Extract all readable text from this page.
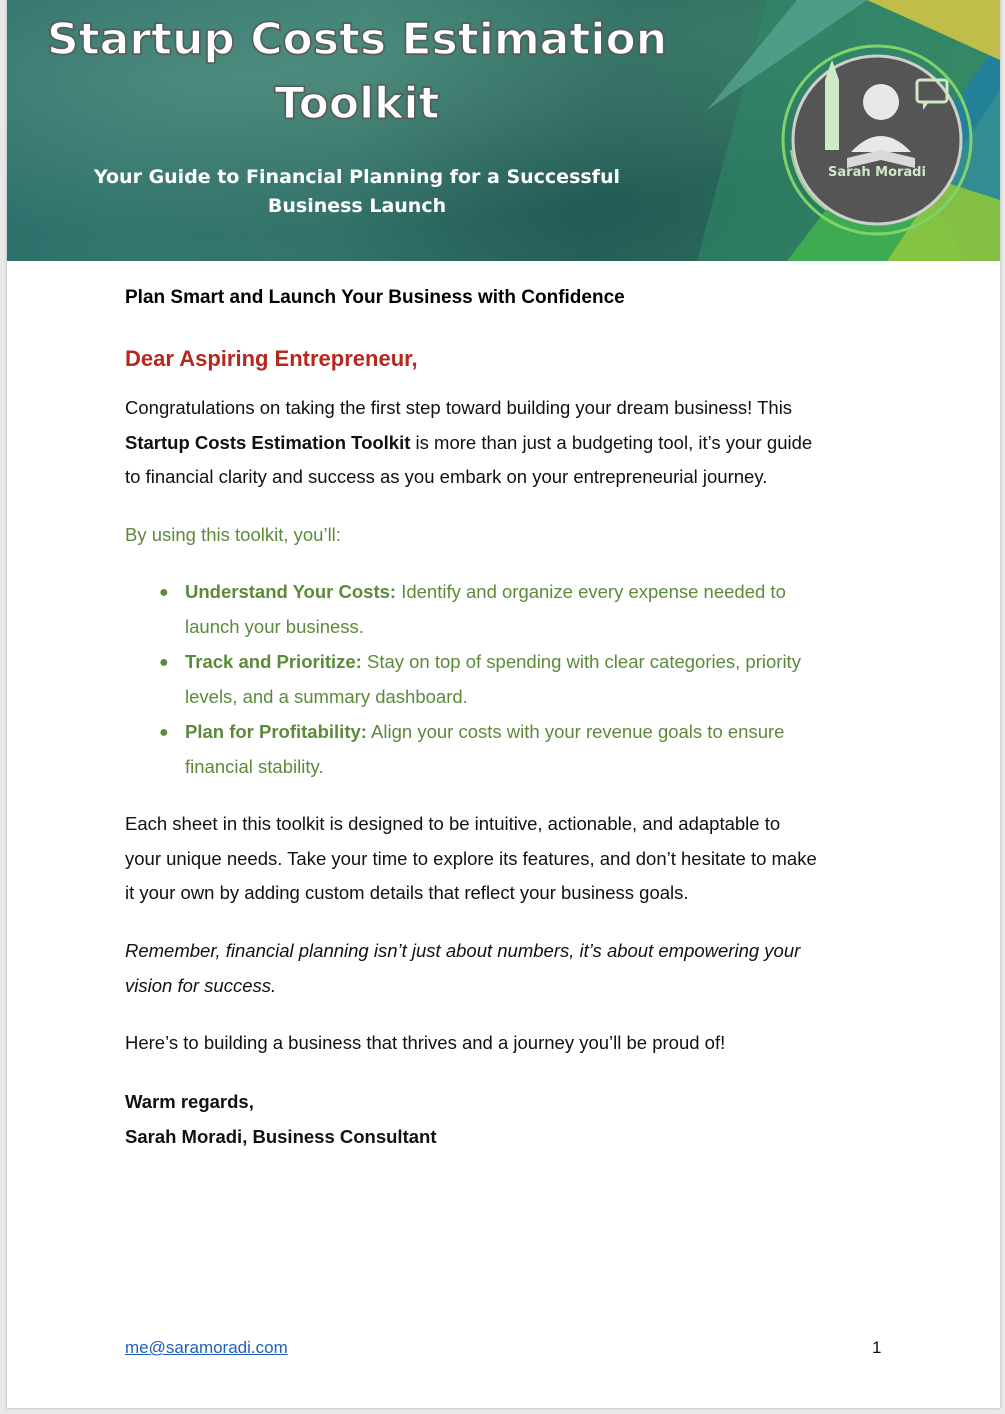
Startup Costs Estimation
Toolkit
Your Guide to Financial Planning for a Successful
Business Launch
Sarah Moradi
Plan Smart and Launch Your Business with Confidence
Dear Aspiring Entrepreneur,
Congratulations on taking the first step toward building your dream business! This
Startup Costs Estimation Toolkit is more than just a budgeting tool, it’s your guide
to financial clarity and success as you embark on your entrepreneurial journey.
By using this toolkit, you’ll:
● Understand Your Costs: Identify and organize every expense needed to
launch your business.
● Track and Prioritize: Stay on top of spending with clear categories, priority
levels, and a summary dashboard.
● Plan for Profitability: Align your costs with your revenue goals to ensure
financial stability.
Each sheet in this toolkit is designed to be intuitive, actionable, and adaptable to
your unique needs. Take your time to explore its features, and don’t hesitate to make
it your own by adding custom details that reflect your business goals.
Remember, financial planning isn’t just about numbers, it’s about empowering your
vision for success.
Here’s to building a business that thrives and a journey you’ll be proud of!
Warm regards,
Sarah Moradi, Business Consultant
me@saramoradi.com	1
